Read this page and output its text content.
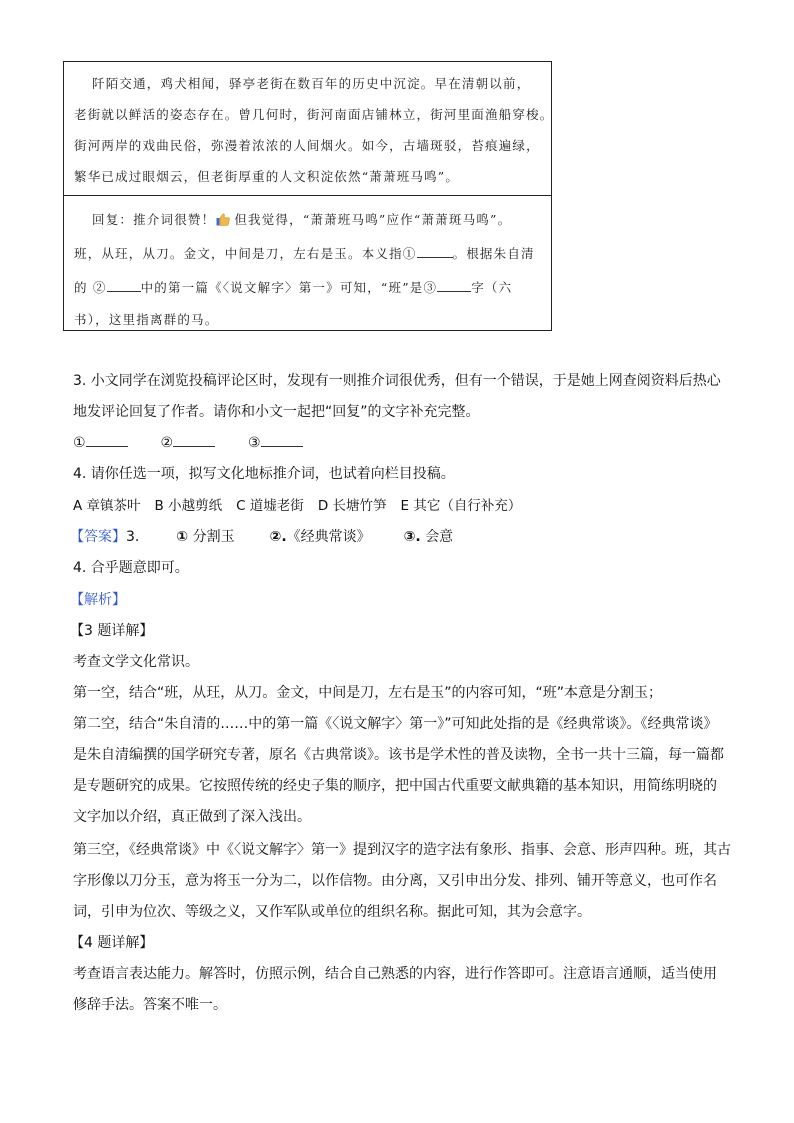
阡陌交通，鸡犬相闻，驿亭老街在数百年的历史中沉淀。早在清朝以前，
老街就以鲜活的姿态存在。曾几何时，街河南面店铺林立，街河里面渔船穿梭。
街河两岸的戏曲民俗，弥漫着浓浓的人间烟火。如今，古墙斑驳，苔痕遍绿，
繁华已成过眼烟云，但老街厚重的人文积淀依然“萧萧班马鸣”。
回复：推介词很赞！ 但我觉得，“萧萧班马鸣”应作“萧萧斑马鸣”。
班，从玨，从刀。金文，中间是刀，左右是玉。本义指①	。根据朱自清
的 ②	中的第一篇《〈说文解字〉第一》可知，“班”是③	字（六
书），这里指离群的马。
3. 小文同学在浏览投稿评论区时，发现有一则推介词很优秀，但有一个错误，于是她上网查阅资料后热心
地发评论回复了作者。请你和小文一起把“回复”的文字补充完整。
①	②	③
4. 请你任选一项，拟写文化地标推介词，也试着向栏目投稿。
A 章镇茶叶 B 小越剪纸 C 道墟老街 D 长塘竹笋 E 其它（自行补充）
【答案】3.	① 分割玉 ②.《经典常谈》 ③. 会意
4. 合乎题意即可。
【解析】
【3 题详解】
考查文学文化常识。
第一空，结合“班，从玨，从刀。金文，中间是刀，左右是玉”的内容可知，“班”本意是分割玉；
第二空，结合“朱自清的……中的第一篇《〈说文解字〉第一》”可知此处指的是《经典常谈》。《经典常谈》
是朱自清编撰的国学研究专著，原名《古典常谈》。该书是学术性的普及读物，全书一共十三篇，每一篇都
是专题研究的成果。它按照传统的经史子集的顺序，把中国古代重要文献典籍的基本知识，用简练明晓的
文字加以介绍，真正做到了深入浅出。
第三空，《经典常谈》中《〈说文解字〉第一》提到汉字的造字法有象形、指事、会意、形声四种。班，其古
字形像以刀分玉，意为将玉一分为二，以作信物。由分离，又引申出分发、排列、铺开等意义，也可作名
词，引申为位次、等级之义，又作军队或单位的组织名称。据此可知，其为会意字。
【4 题详解】
考查语言表达能力。解答时，仿照示例，结合自己熟悉的内容，进行作答即可。注意语言通顺，适当使用
修辞手法。答案不唯一。
